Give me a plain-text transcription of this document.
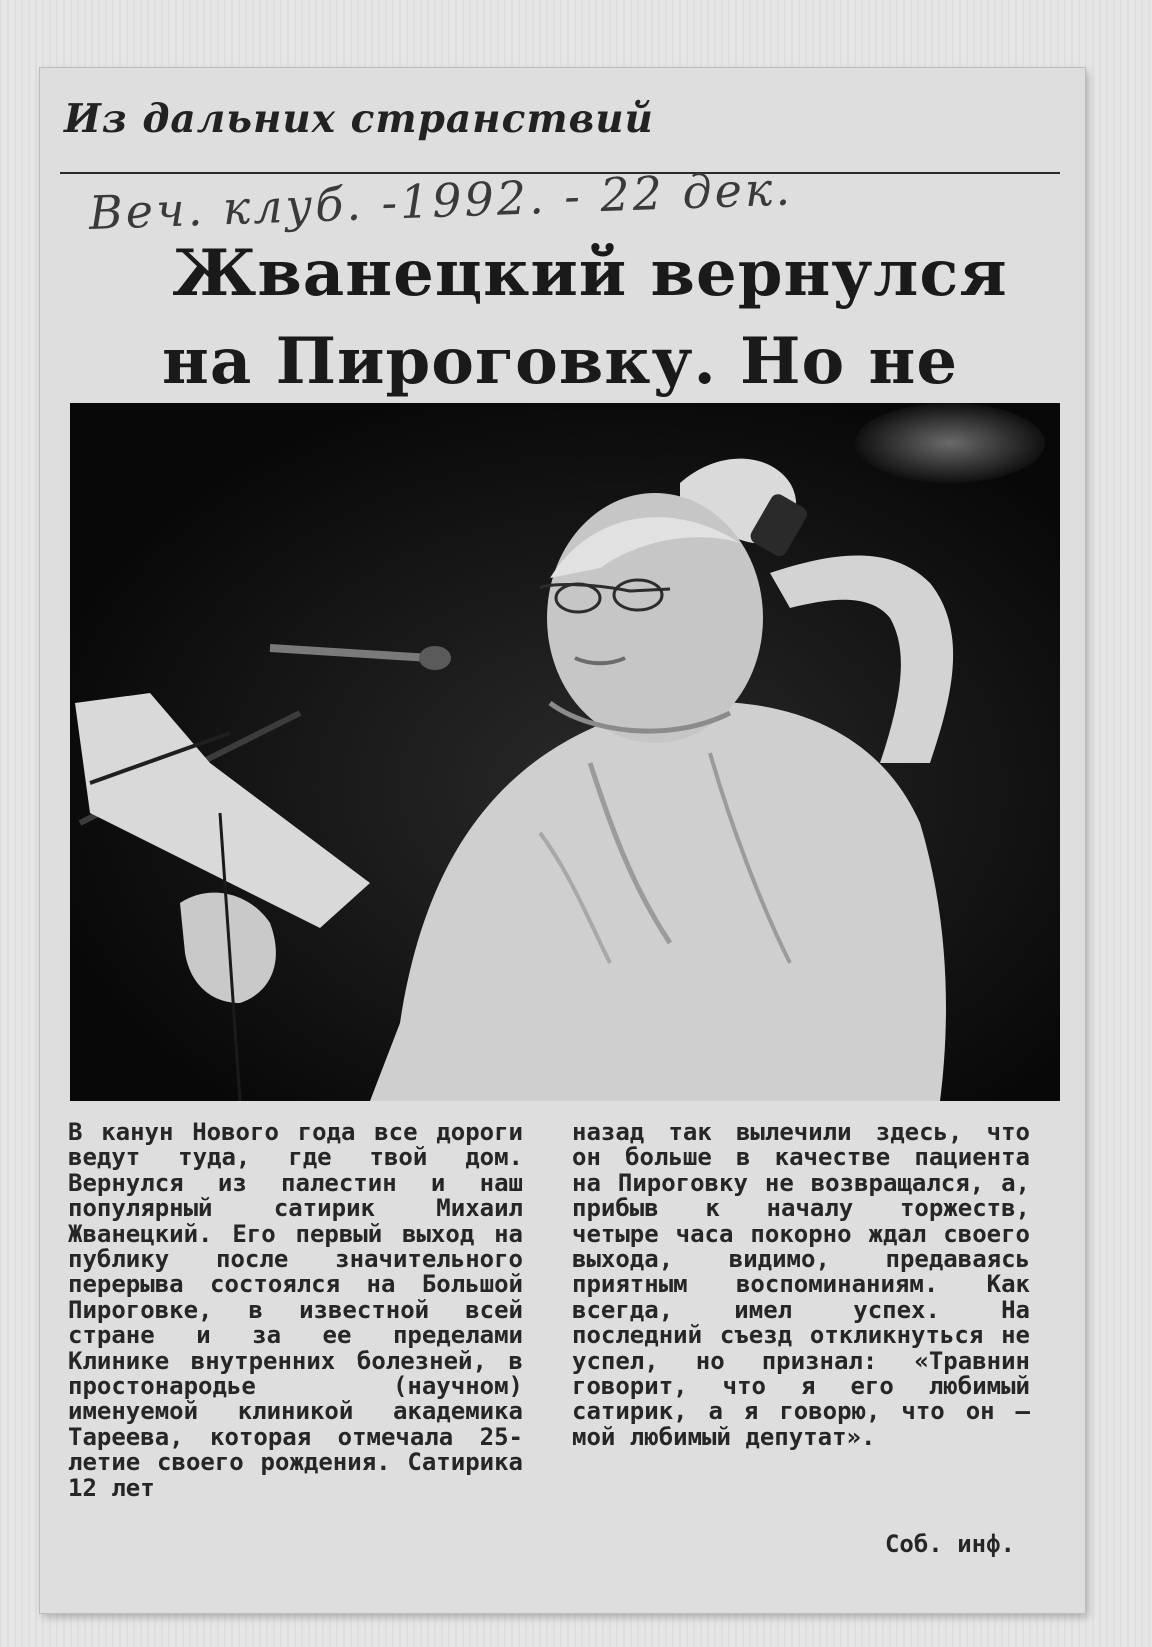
Из дальних странствий
Веч. клуб. -1992. - 22 дек.
Жванецкий вернулся
на Пироговку. Но не
В канун Нового года все дороги ведут туда, где твой дом. Вернулся из палестин и наш популярный сатирик Михаил Жванецкий. Его первый выход на публику после значительного перерыва состоялся на Большой Пироговке, в известной всей стране и за ее пределами Клинике внутренних болезней, в простонародье (научном) именуемой клиникой академика Тареева, которая отмечала 25-летие своего рождения. Сатирика 12 лет
назад так вылечили здесь, что он больше в качестве пациента на Пироговку не возвращался, а, прибыв к началу торжеств, четыре часа покорно ждал своего выхода, видимо, предаваясь приятным воспоминаниям. Как всегда, имел успех. На последний съезд откликнуться не успел, но признал: «Травнин говорит, что я его любимый сатирик, а я говорю, что он — мой любимый депутат».
Соб. инф.
